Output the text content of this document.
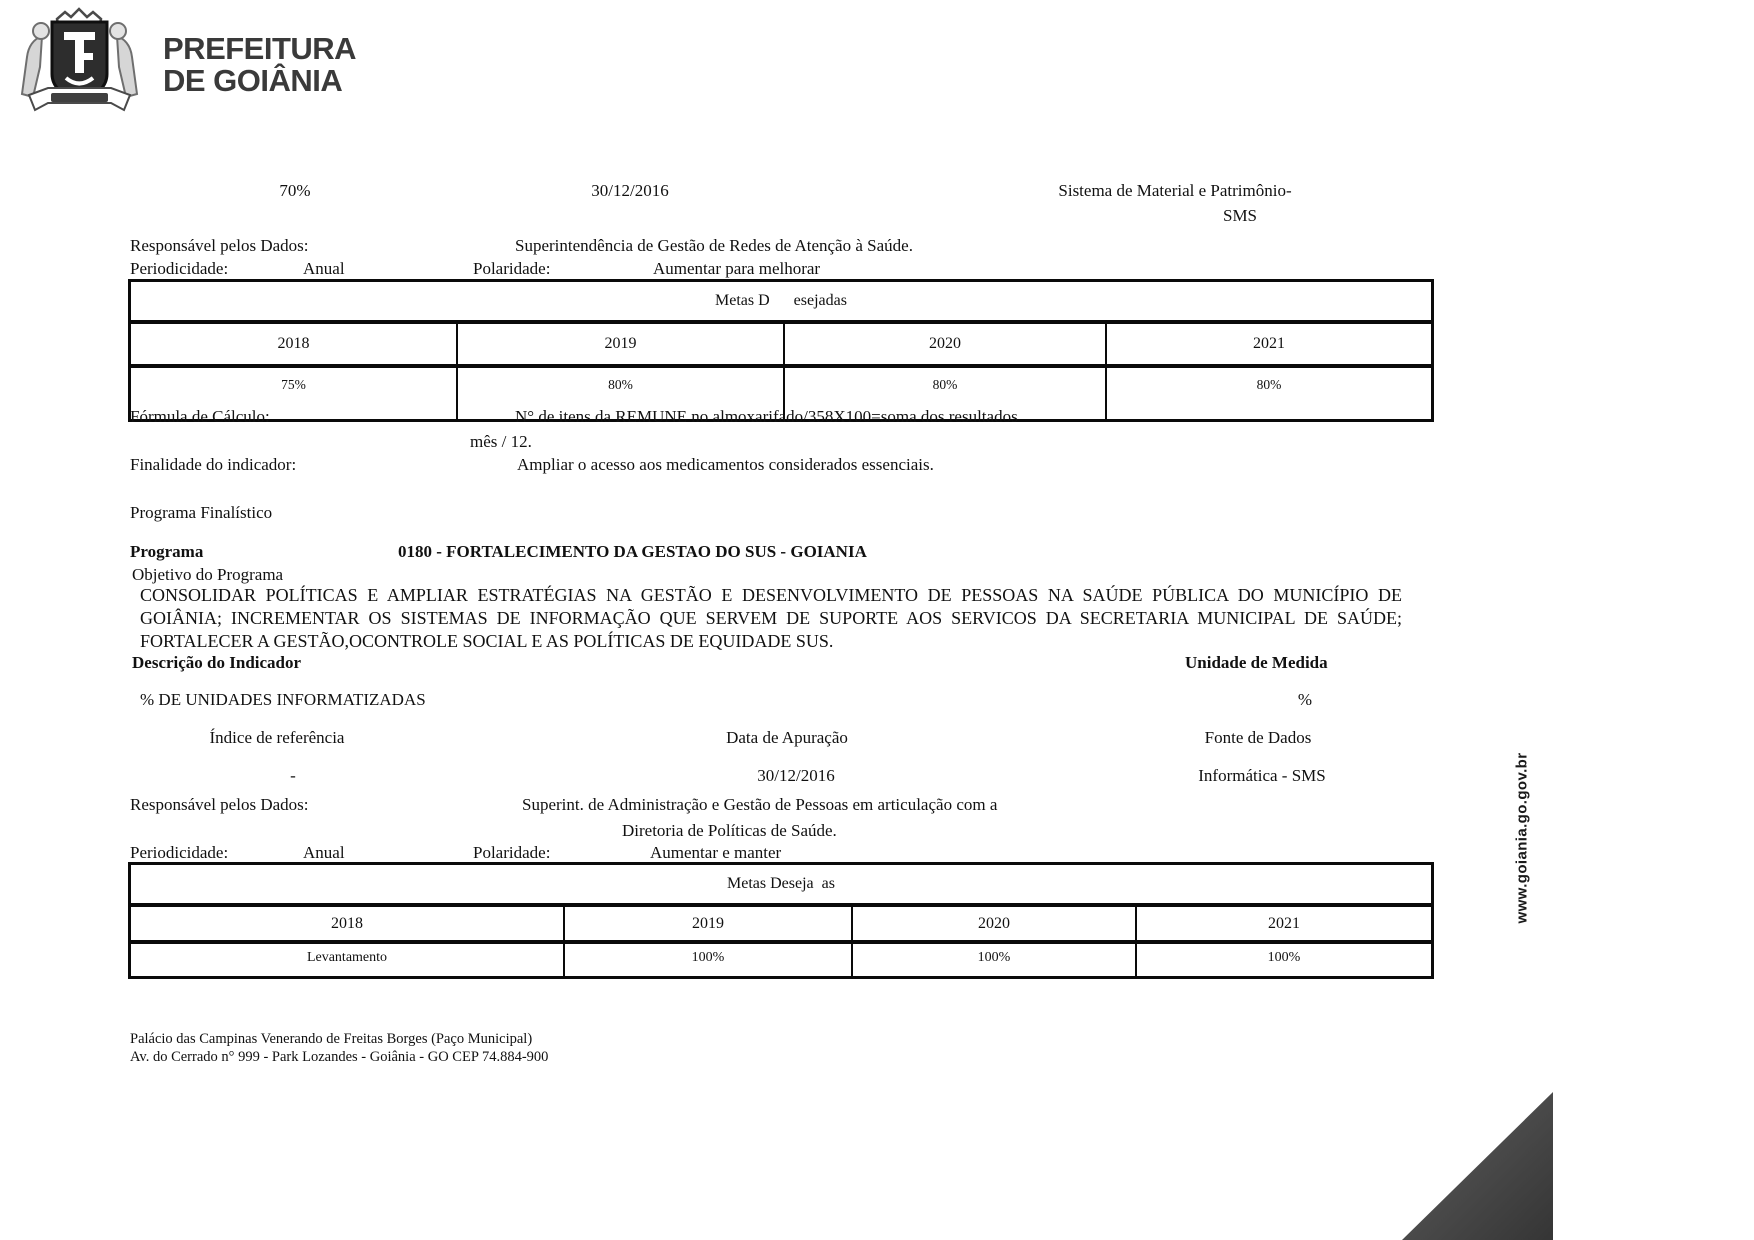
PREFEITURA
DE GOIÂNIA
70%	30/12/2016	Sistema de Material e Patrimônio-
SMS
Responsável pelos Dados:	Superintendência de Gestão de Redes de Atenção à Saúde.
Periodicidade:	Anual	Polaridade:	Aumentar para melhorar
Metas D      esejadas
2018	2019	2020	2021
75%	80%	80%	80%
Fórmula de Cálculo:	N° de itens da REMUNE no almoxarifado/358X100=soma dos resultados
mês / 12.
Finalidade do indicador:	Ampliar o acesso aos medicamentos considerados essenciais.
Programa Finalístico
Programa	0180 - FORTALECIMENTO DA GESTAO DO SUS - GOIANIA
Objetivo do Programa
CONSOLIDAR POLÍTICAS E AMPLIAR ESTRATÉGIAS NA GESTÃO E DESENVOLVIMENTO DE PESSOAS NA SAÚDE PÚBLICA DO MUNICÍPIO DE GOIÂNIA; INCREMENTAR OS SISTEMAS DE INFORMAÇÃO QUE SERVEM DE SUPORTE AOS SERVICOS DA SECRETARIA MUNICIPAL DE SAÚDE; FORTALECER A GESTÃO,OCONTROLE SOCIAL E AS POLÍTICAS DE EQUIDADE SUS.
Descrição do Indicador	Unidade de Medida
% DE UNIDADES INFORMATIZADAS	%
Índice de referência	Data de Apuração	Fonte de Dados
-	30/12/2016	Informática - SMS
Responsável pelos Dados:	Superint. de Administração e Gestão de Pessoas em articulação com a
Diretoria de Políticas de Saúde.
Periodicidade:	Anual	Polaridade:	Aumentar e manter
Metas Deseja  as
2018	2019	2020	2021
Levantamento	100%	100%	100%
Palácio das Campinas Venerando de Freitas Borges (Paço Municipal)
Av. do Cerrado n° 999 - Park Lozandes - Goiânia - GO CEP 74.884-900
www.goiania.go.gov.br
